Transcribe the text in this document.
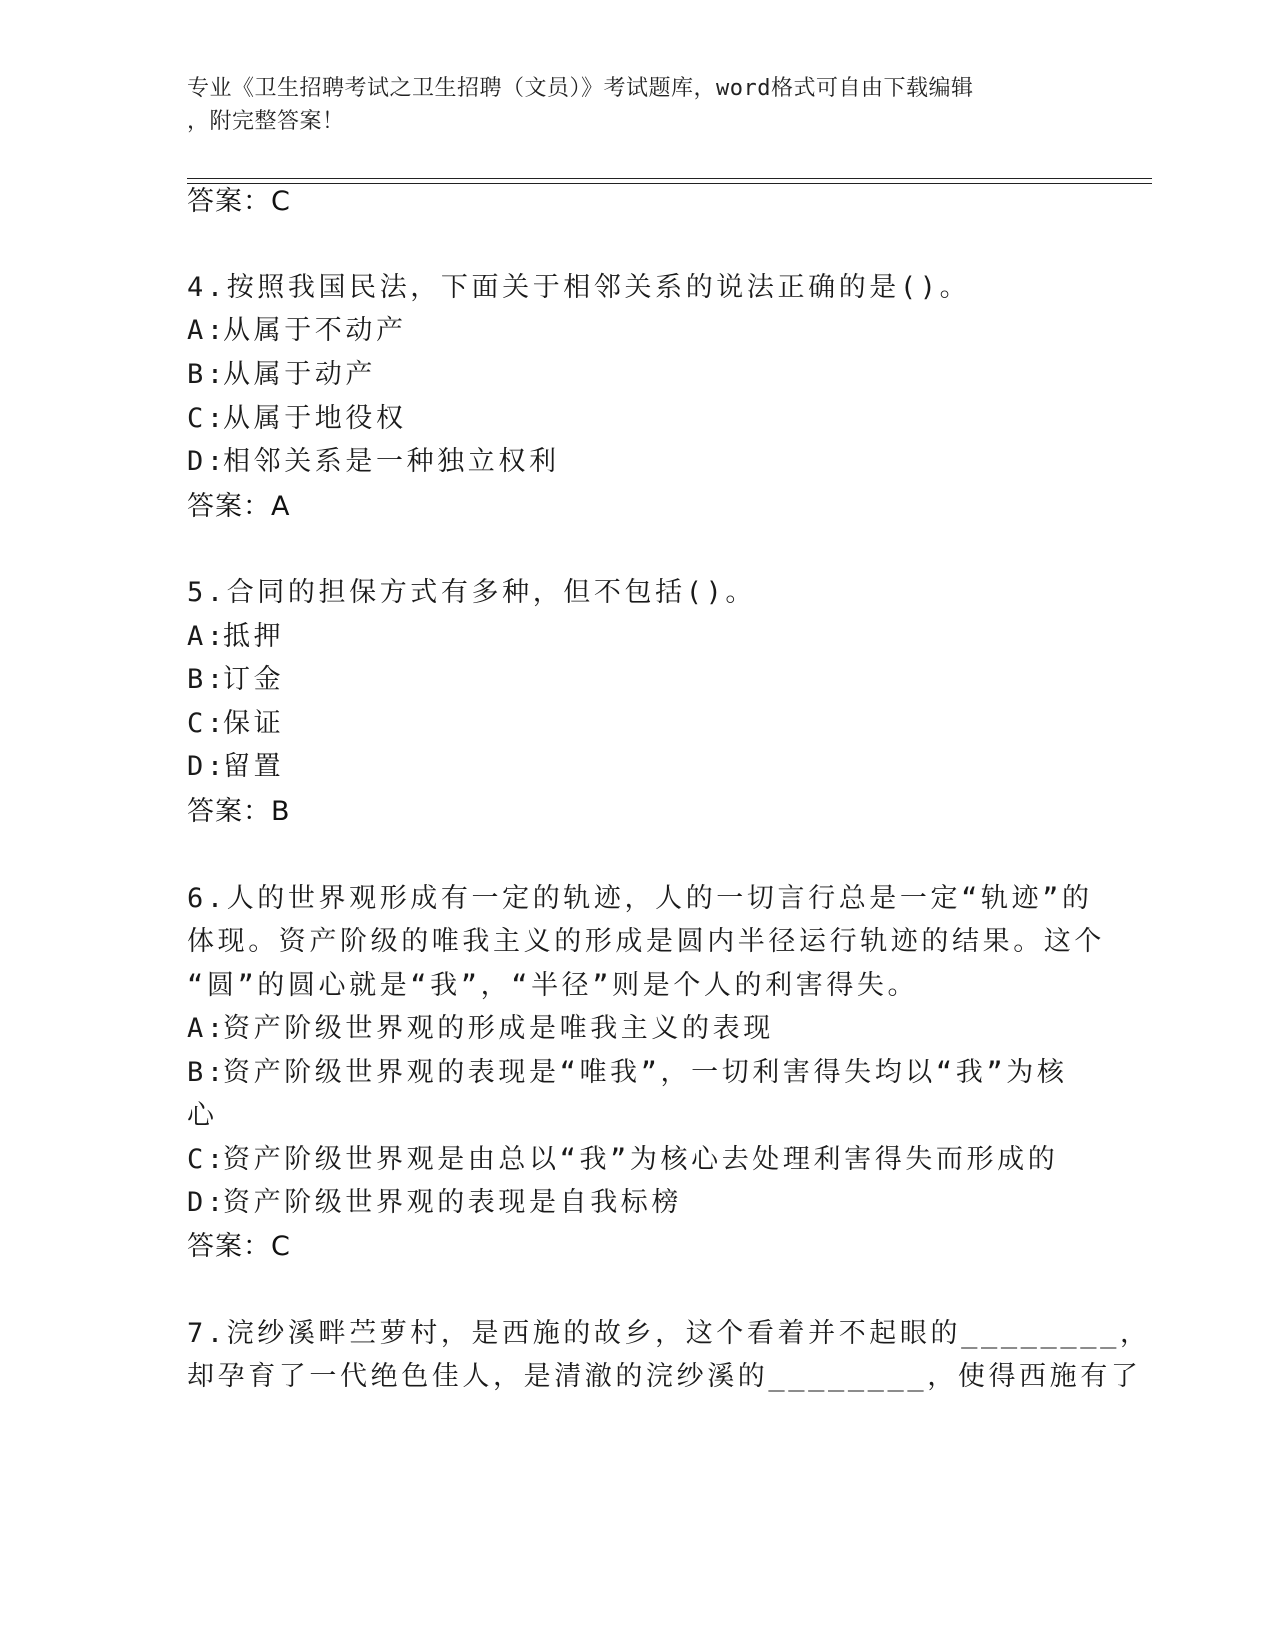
专业《卫生招聘考试之卫生招聘（文员）》考试题库，word格式可自由下载编辑
，附完整答案！
答案：C
4.按照我国民法，下面关于相邻关系的说法正确的是()。
A:从属于不动产
B:从属于动产
C:从属于地役权
D:相邻关系是一种独立权利
答案：A
5.合同的担保方式有多种，但不包括()。
A:抵押
B:订金
C:保证
D:留置
答案：B
6.人的世界观形成有一定的轨迹，人的一切言行总是一定“轨迹”的
体现。资产阶级的唯我主义的形成是圆内半径运行轨迹的结果。这个
“圆”的圆心就是“我”，“半径”则是个人的利害得失。
A:资产阶级世界观的形成是唯我主义的表现
B:资产阶级世界观的表现是“唯我”，一切利害得失均以“我”为核
心
C:资产阶级世界观是由总以“我”为核心去处理利害得失而形成的
D:资产阶级世界观的表现是自我标榜
答案：C
7.浣纱溪畔苎萝村，是西施的故乡，这个看着并不起眼的________，
却孕育了一代绝色佳人，是清澈的浣纱溪的________，使得西施有了
